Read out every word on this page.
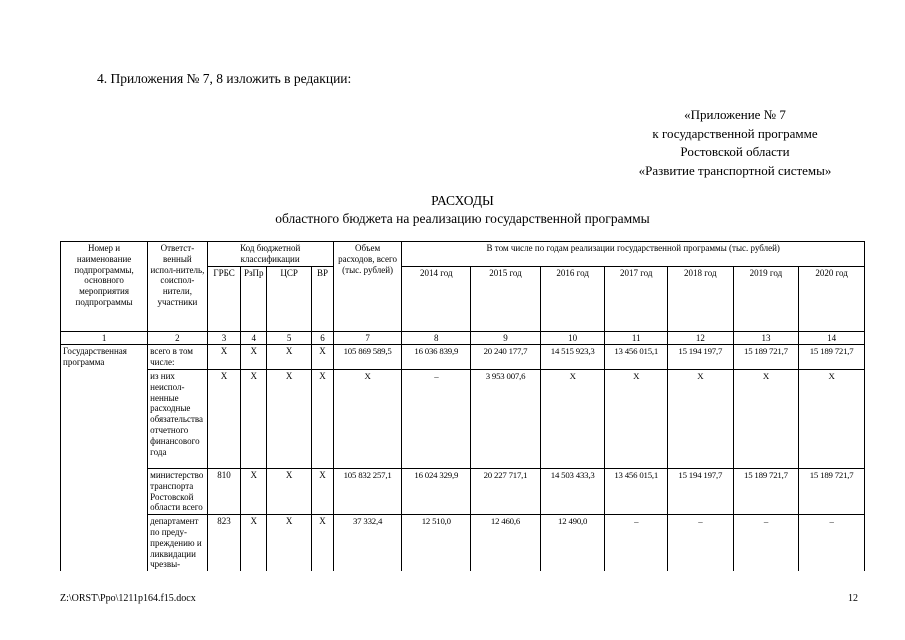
4. Приложения № 7, 8 изложить в редакции:
«Приложение № 7
к государственной программе
Ростовской области
«Развитие транспортной системы»
РАСХОДЫ
областного бюджета на реализацию государственной программы
Номер и наименование подпрограммы, основного мероприятия подпрограммы	Ответст-венный испол-нитель, соиспол-нители, участники	Код бюджетной классификации				Объем расходов, всего (тыс. рублей)	В том числе по годам реализации государственной программы (тыс. рублей)						
		ГРБС	РзПр	ЦСР	ВР		2014 год	2015 год	2016 год	2017 год	2018 год	2019 год	2020 год
1	2	3	4	5	6	7	8	9	10	11	12	13	14
Государственная программа	всего в том числе:	X	X	X	X	105 869 589,5	16 036 839,9	20 240 177,7	14 515 923,3	13 456 015,1	15 194 197,7	15 189 721,7	15 189 721,7
	из них неиспол-ненные расходные обязательства отчетного финансового года	X	X	X	X	X	–	3 953 007,6	X	X	X	X	X
	министерство транспорта Ростовской области всего	810	X	X	X	105 832 257,1	16 024 329,9	20 227 717,1	14 503 433,3	13 456 015,1	15 194 197,7	15 189 721,7	15 189 721,7
	департамент по преду-преждению и ликвидации чрезвы-	823	X	X	X	37 332,4	12 510,0	12 460,6	12 490,0	–	–	–	–
Z:\ORST\Ppo\1211p164.f15.docx	12
